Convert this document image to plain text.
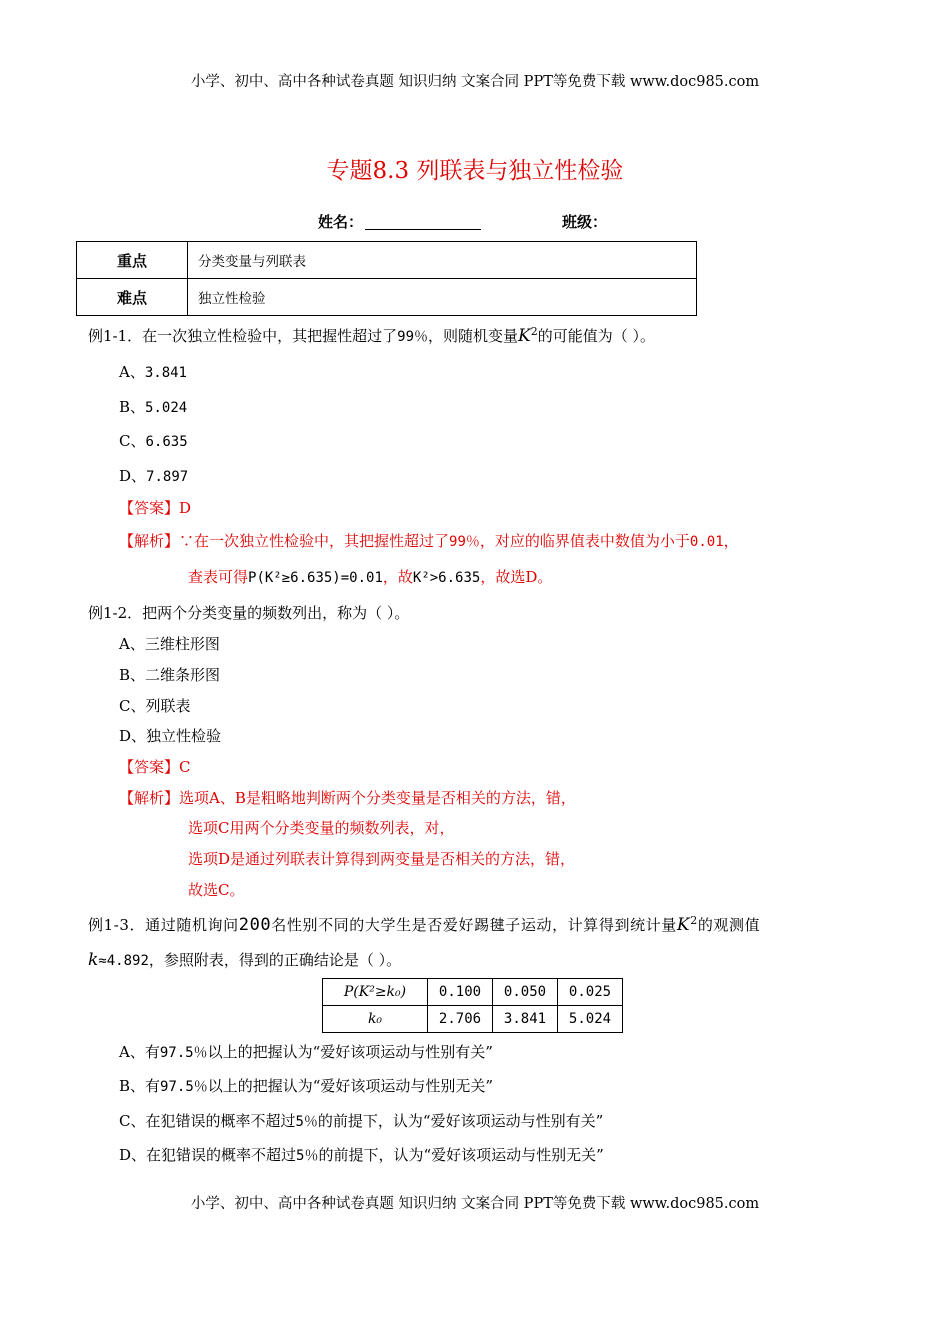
小学、初中、高中各种试卷真题 知识归纳 文案合同 PPT等免费下载 www.doc985.com
专题8.3 列联表与独立性检验
姓名：	班级：
重点	分类变量与列联表
难点	独立性检验
例1-1．在一次独立性检验中，其把握性超过了99％，则随机变量$K^2$的可能值为（ ）。
A、3.841
B、5.024
C、6.635
D、7.897
【答案】D
【解析】∵在一次独立性检验中，其把握性超过了99％，对应的临界值表中数值为小于0.01，
查表可得P(K²≥6.635)=0.01，故K²>6.635，故选D。
例1-2．把两个分类变量的频数列出，称为（ ）。
A、三维柱形图
B、二维条形图
C、列联表
D、独立性检验
【答案】C
【解析】选项A、B是粗略地判断两个分类变量是否相关的方法，错，
选项C用两个分类变量的频数列表，对，
选项D是通过列联表计算得到两变量是否相关的方法，错，
故选C。
例1-3．通过随机询问200名性别不同的大学生是否爱好踢毽子运动，计算得到统计量$K^2$的观测值
k≈4.892，参照附表，得到的正确结论是（ ）。
P(K²≥k₀)	0.100	0.050	0.025
k₀	2.706	3.841	5.024
A、有97.5％以上的把握认为“爱好该项运动与性别有关”
B、有97.5％以上的把握认为“爱好该项运动与性别无关”
C、在犯错误的概率不超过5％的前提下，认为“爱好该项运动与性别有关”
D、在犯错误的概率不超过5％的前提下，认为“爱好该项运动与性别无关”
小学、初中、高中各种试卷真题 知识归纳 文案合同 PPT等免费下载 www.doc985.com
